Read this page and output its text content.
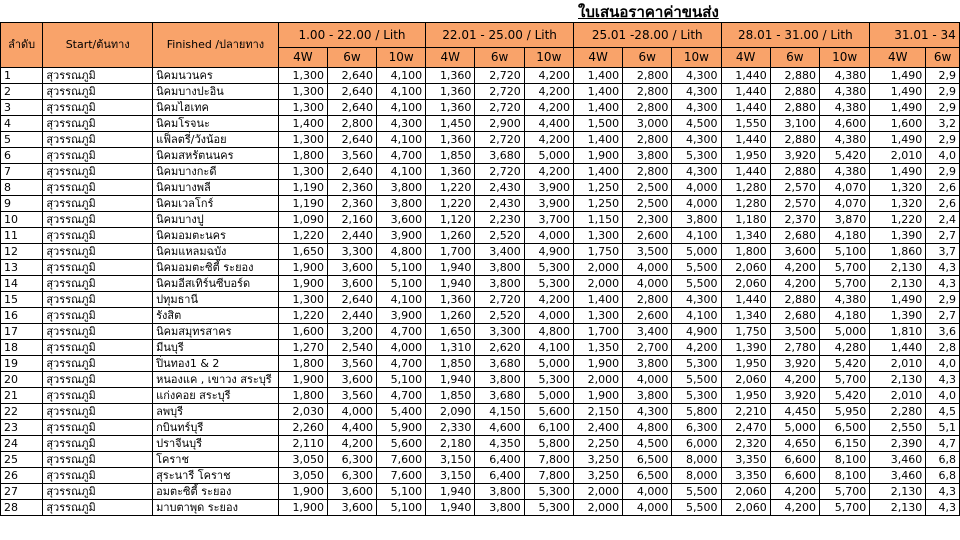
ใบเสนอราคาค่าขนส่ง
ลำดับ	Start/ต้นทาง	Finished /ปลายทาง	1.00 - 22.00 / Lith			22.01 - 25.00 / Lith			25.01 -28.00 / Lith			28.01 - 31.00 / Lith			31.01 - 34	
			4W	6w	10w	4W	6w	10w	4W	6w	10w	4W	6w	10w	4W	6w
1	สุวรรณภูมิ	นิคมนวนคร	1,300	2,640	4,100	1,360	2,720	4,200	1,400	2,800	4,300	1,440	2,880	4,380	1,490	2,9
2	สุวรรณภูมิ	นิคมบางปะอิน	1,300	2,640	4,100	1,360	2,720	4,200	1,400	2,800	4,300	1,440	2,880	4,380	1,490	2,9
3	สุวรรณภูมิ	นิคมไฮเทค	1,300	2,640	4,100	1,360	2,720	4,200	1,400	2,800	4,300	1,440	2,880	4,380	1,490	2,9
4	สุวรรณภูมิ	นิคมโรจนะ	1,400	2,800	4,300	1,450	2,900	4,400	1,500	3,000	4,500	1,550	3,100	4,600	1,600	3,2
5	สุวรรณภูมิ	แฟ็ลตรี่/วังน้อย	1,300	2,640	4,100	1,360	2,720	4,200	1,400	2,800	4,300	1,440	2,880	4,380	1,490	2,9
6	สุวรรณภูมิ	นิคมสหรัตนนคร	1,800	3,560	4,700	1,850	3,680	5,000	1,900	3,800	5,300	1,950	3,920	5,420	2,010	4,0
7	สุวรรณภูมิ	นิคมบางกะดี	1,300	2,640	4,100	1,360	2,720	4,200	1,400	2,800	4,300	1,440	2,880	4,380	1,490	2,9
8	สุวรรณภูมิ	นิคมบางพลี	1,190	2,360	3,800	1,220	2,430	3,900	1,250	2,500	4,000	1,280	2,570	4,070	1,320	2,6
9	สุวรรณภูมิ	นิคมเวลโกร์	1,190	2,360	3,800	1,220	2,430	3,900	1,250	2,500	4,000	1,280	2,570	4,070	1,320	2,6
10	สุวรรณภูมิ	นิคมบางปู	1,090	2,160	3,600	1,120	2,230	3,700	1,150	2,300	3,800	1,180	2,370	3,870	1,220	2,4
11	สุวรรณภูมิ	นิคมอมตะนคร	1,220	2,440	3,900	1,260	2,520	4,000	1,300	2,600	4,100	1,340	2,680	4,180	1,390	2,7
12	สุวรรณภูมิ	นิคมแหลมฉบัง	1,650	3,300	4,800	1,700	3,400	4,900	1,750	3,500	5,000	1,800	3,600	5,100	1,860	3,7
13	สุวรรณภูมิ	นิคมอมตะซิตี้ ระยอง	1,900	3,600	5,100	1,940	3,800	5,300	2,000	4,000	5,500	2,060	4,200	5,700	2,130	4,3
14	สุวรรณภูมิ	นิคมอีสเทิร์นซีบอร์ด	1,900	3,600	5,100	1,940	3,800	5,300	2,000	4,000	5,500	2,060	4,200	5,700	2,130	4,3
15	สุวรรณภูมิ	ปทุมธานี	1,300	2,640	4,100	1,360	2,720	4,200	1,400	2,800	4,300	1,440	2,880	4,380	1,490	2,9
16	สุวรรณภูมิ	รังสิต	1,220	2,440	3,900	1,260	2,520	4,000	1,300	2,600	4,100	1,340	2,680	4,180	1,390	2,7
17	สุวรรณภูมิ	นิคมสมุทรสาคร	1,600	3,200	4,700	1,650	3,300	4,800	1,700	3,400	4,900	1,750	3,500	5,000	1,810	3,6
18	สุวรรณภูมิ	มีนบุรี	1,270	2,540	4,000	1,310	2,620	4,100	1,350	2,700	4,200	1,390	2,780	4,280	1,440	2,8
19	สุวรรณภูมิ	ปิ่นทอง1 & 2	1,800	3,560	4,700	1,850	3,680	5,000	1,900	3,800	5,300	1,950	3,920	5,420	2,010	4,0
20	สุวรรณภูมิ	หนองแค , เขาวง สระบุรี	1,900	3,600	5,100	1,940	3,800	5,300	2,000	4,000	5,500	2,060	4,200	5,700	2,130	4,3
21	สุวรรณภูมิ	แก่งคอย สระบุรี	1,800	3,560	4,700	1,850	3,680	5,000	1,900	3,800	5,300	1,950	3,920	5,420	2,010	4,0
22	สุวรรณภูมิ	ลพบุรี	2,030	4,000	5,400	2,090	4,150	5,600	2,150	4,300	5,800	2,210	4,450	5,950	2,280	4,5
23	สุวรรณภูมิ	กบินทร์บุรี	2,260	4,400	5,900	2,330	4,600	6,100	2,400	4,800	6,300	2,470	5,000	6,500	2,550	5,1
24	สุวรรณภูมิ	ปราจีนบุรี	2,110	4,200	5,600	2,180	4,350	5,800	2,250	4,500	6,000	2,320	4,650	6,150	2,390	4,7
25	สุวรรณภูมิ	โคราช	3,050	6,300	7,600	3,150	6,400	7,800	3,250	6,500	8,000	3,350	6,600	8,100	3,460	6,8
26	สุวรรณภูมิ	สุระนารี โคราช	3,050	6,300	7,600	3,150	6,400	7,800	3,250	6,500	8,000	3,350	6,600	8,100	3,460	6,8
27	สุวรรณภูมิ	อมตะซิตี้ ระยอง	1,900	3,600	5,100	1,940	3,800	5,300	2,000	4,000	5,500	2,060	4,200	5,700	2,130	4,3
28	สุวรรณภูมิ	มาบตาพุด ระยอง	1,900	3,600	5,100	1,940	3,800	5,300	2,000	4,000	5,500	2,060	4,200	5,700	2,130	4,3
